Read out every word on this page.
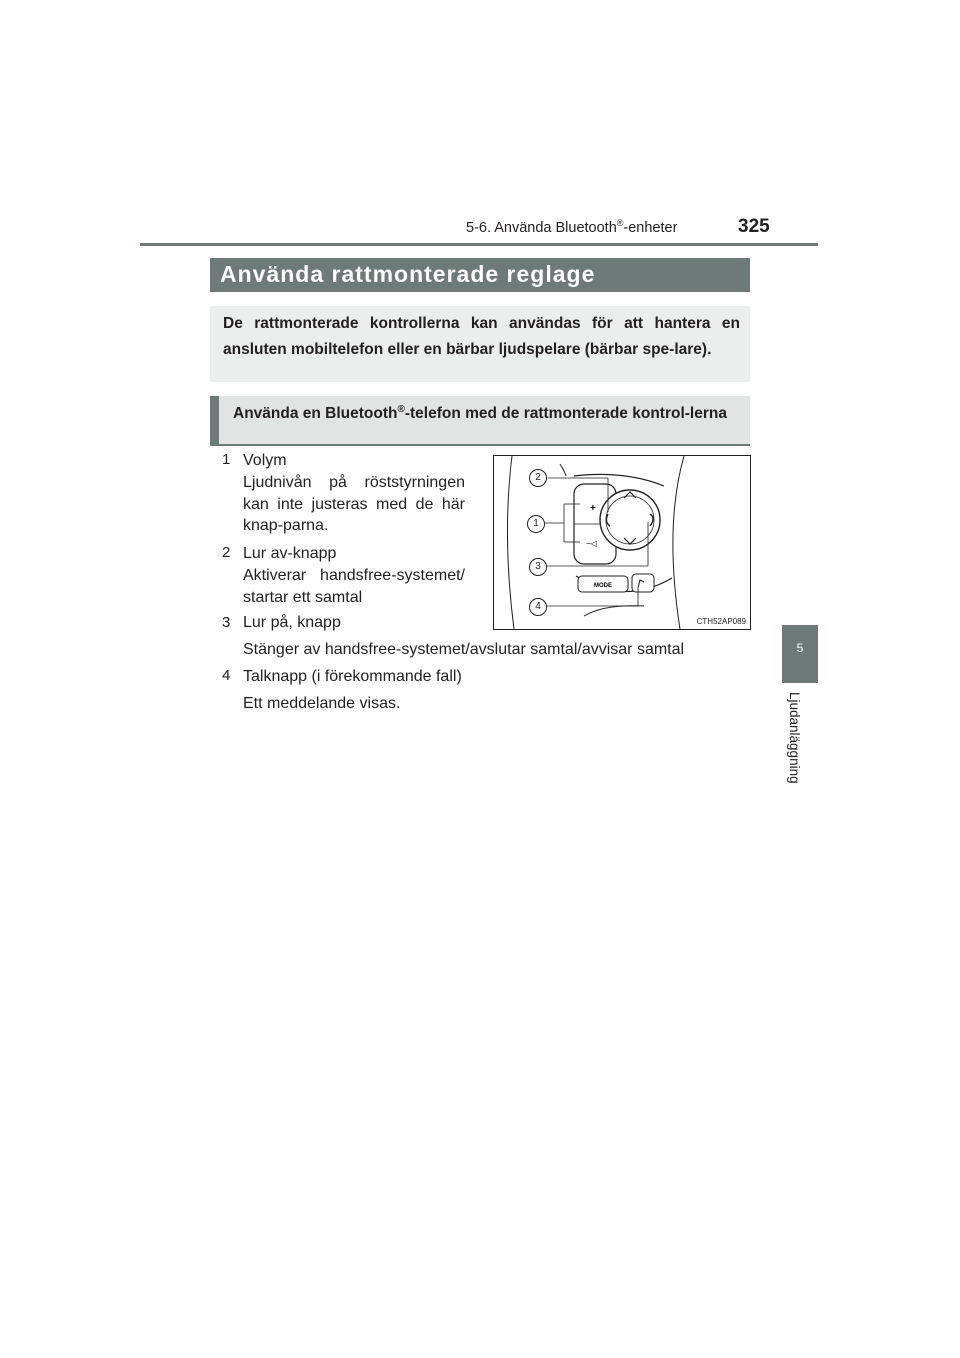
5-6. Använda Bluetooth®-enheter	325
5
Ljudanläggning
Använda rattmonterade reglage
De rattmonterade kontrollerna kan användas för att hantera en ansluten mobiltelefon eller en bärbar ljudspelare (bärbar spe-lare).
Använda en Bluetooth®-telefon med de rattmonterade kontrol-lerna
1 Volym
Ljudnivån på röststyrningen kan inte justeras med de här knap-parna.
2 Lur av-knapp
Aktiverar handsfree-systemet/ startar ett samtal
3 Lur på, knapp
Stänger av handsfree-systemet/avslutar samtal/avvisar samtal
4 Talknapp (i förekommande fall)
Ett meddelande visas.
+
−◁
MODE
2
1
3
4
CTH52AP089
